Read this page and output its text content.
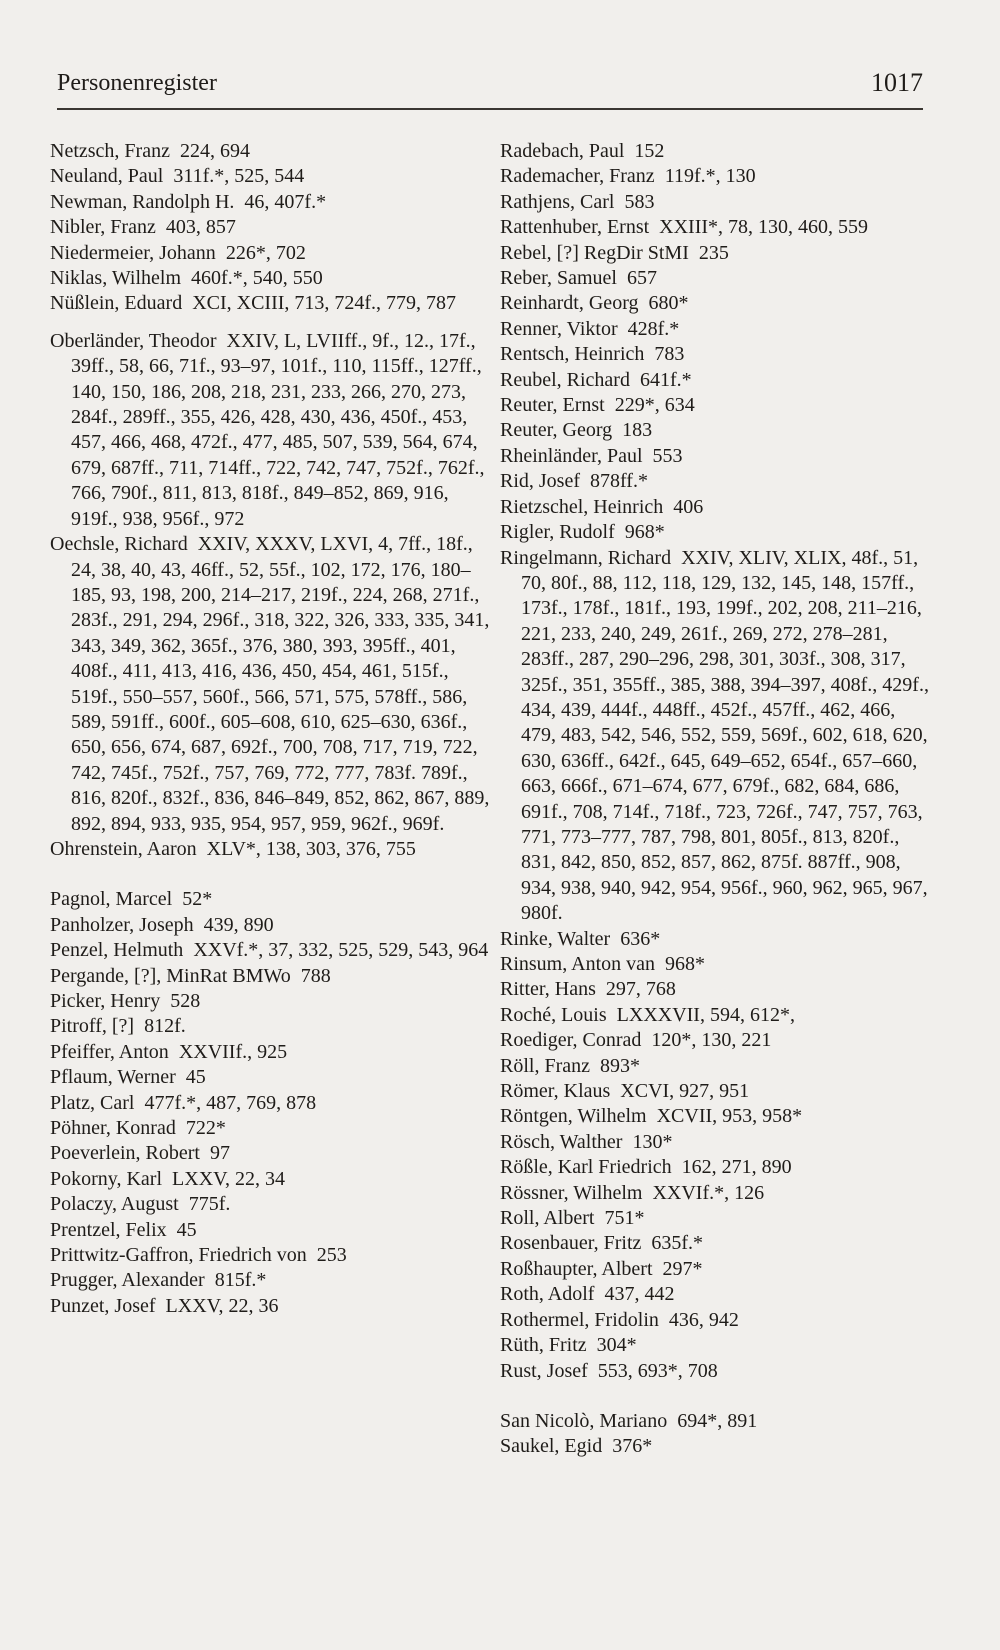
Personenregister	1017
Netzsch, Franz 224, 694
Neuland, Paul 311f.*, 525, 544
Newman, Randolph H. 46, 407f.*
Nibler, Franz 403, 857
Niedermeier, Johann 226*, 702
Niklas, Wilhelm 460f.*, 540, 550
Nüßlein, Eduard XCI, XCIII, 713, 724f., 779, 787
Oberländer, Theodor XXIV, L, LVIIff., 9f., 12., 17f., 39ff., 58, 66, 71f., 93–97, 101f., 110, 115ff., 127ff., 140, 150, 186, 208, 218, 231, 233, 266, 270, 273, 284f., 289ff., 355, 426, 428, 430, 436, 450f., 453, 457, 466, 468, 472f., 477, 485, 507, 539, 564, 674, 679, 687ff., 711, 714ff., 722, 742, 747, 752f., 762f., 766, 790f., 811, 813, 818f., 849–852, 869, 916, 919f., 938, 956f., 972
Oechsle, Richard XXIV, XXXV, LXVI, 4, 7ff., 18f., 24, 38, 40, 43, 46ff., 52, 55f., 102, 172, 176, 180–185, 93, 198, 200, 214–217, 219f., 224, 268, 271f., 283f., 291, 294, 296f., 318, 322, 326, 333, 335, 341, 343, 349, 362, 365f., 376, 380, 393, 395ff., 401, 408f., 411, 413, 416, 436, 450, 454, 461, 515f., 519f., 550–557, 560f., 566, 571, 575, 578ff., 586, 589, 591ff., 600f., 605–608, 610, 625–630, 636f., 650, 656, 674, 687, 692f., 700, 708, 717, 719, 722, 742, 745f., 752f., 757, 769, 772, 777, 783f. 789f., 816, 820f., 832f., 836, 846–849, 852, 862, 867, 889, 892, 894, 933, 935, 954, 957, 959, 962f., 969f.
Ohrenstein, Aaron XLV*, 138, 303, 376, 755
Pagnol, Marcel 52*
Panholzer, Joseph 439, 890
Penzel, Helmuth XXVf.*, 37, 332, 525, 529, 543, 964
Pergande, [?], MinRat BMWo 788
Picker, Henry 528
Pitroff, [?] 812f.
Pfeiffer, Anton XXVIIf., 925
Pflaum, Werner 45
Platz, Carl 477f.*, 487, 769, 878
Pöhner, Konrad 722*
Poeverlein, Robert 97
Pokorny, Karl LXXV, 22, 34
Polaczy, August 775f.
Prentzel, Felix 45
Prittwitz-Gaffron, Friedrich von 253
Prugger, Alexander 815f.*
Punzet, Josef LXXV, 22, 36
Radebach, Paul 152
Rademacher, Franz 119f.*, 130
Rathjens, Carl 583
Rattenhuber, Ernst XXIII*, 78, 130, 460, 559
Rebel, [?] RegDir StMI 235
Reber, Samuel 657
Reinhardt, Georg 680*
Renner, Viktor 428f.*
Rentsch, Heinrich 783
Reubel, Richard 641f.*
Reuter, Ernst 229*, 634
Reuter, Georg 183
Rheinländer, Paul 553
Rid, Josef 878ff.*
Rietzschel, Heinrich 406
Rigler, Rudolf 968*
Ringelmann, Richard XXIV, XLIV, XLIX, 48f., 51, 70, 80f., 88, 112, 118, 129, 132, 145, 148, 157ff., 173f., 178f., 181f., 193, 199f., 202, 208, 211–216, 221, 233, 240, 249, 261f., 269, 272, 278–281, 283ff., 287, 290–296, 298, 301, 303f., 308, 317, 325f., 351, 355ff., 385, 388, 394–397, 408f., 429f., 434, 439, 444f., 448ff., 452f., 457ff., 462, 466, 479, 483, 542, 546, 552, 559, 569f., 602, 618, 620, 630, 636ff., 642f., 645, 649–652, 654f., 657–660, 663, 666f., 671–674, 677, 679f., 682, 684, 686, 691f., 708, 714f., 718f., 723, 726f., 747, 757, 763, 771, 773–777, 787, 798, 801, 805f., 813, 820f., 831, 842, 850, 852, 857, 862, 875f. 887ff., 908, 934, 938, 940, 942, 954, 956f., 960, 962, 965, 967, 980f.
Rinke, Walter 636*
Rinsum, Anton van 968*
Ritter, Hans 297, 768
Roché, Louis LXXXVII, 594, 612*,
Roediger, Conrad 120*, 130, 221
Röll, Franz 893*
Römer, Klaus XCVI, 927, 951
Röntgen, Wilhelm XCVII, 953, 958*
Rösch, Walther 130*
Rößle, Karl Friedrich 162, 271, 890
Rössner, Wilhelm XXVIf.*, 126
Roll, Albert 751*
Rosenbauer, Fritz 635f.*
Roßhaupter, Albert 297*
Roth, Adolf 437, 442
Rothermel, Fridolin 436, 942
Rüth, Fritz 304*
Rust, Josef 553, 693*, 708
San Nicolò, Mariano 694*, 891
Saukel, Egid 376*
